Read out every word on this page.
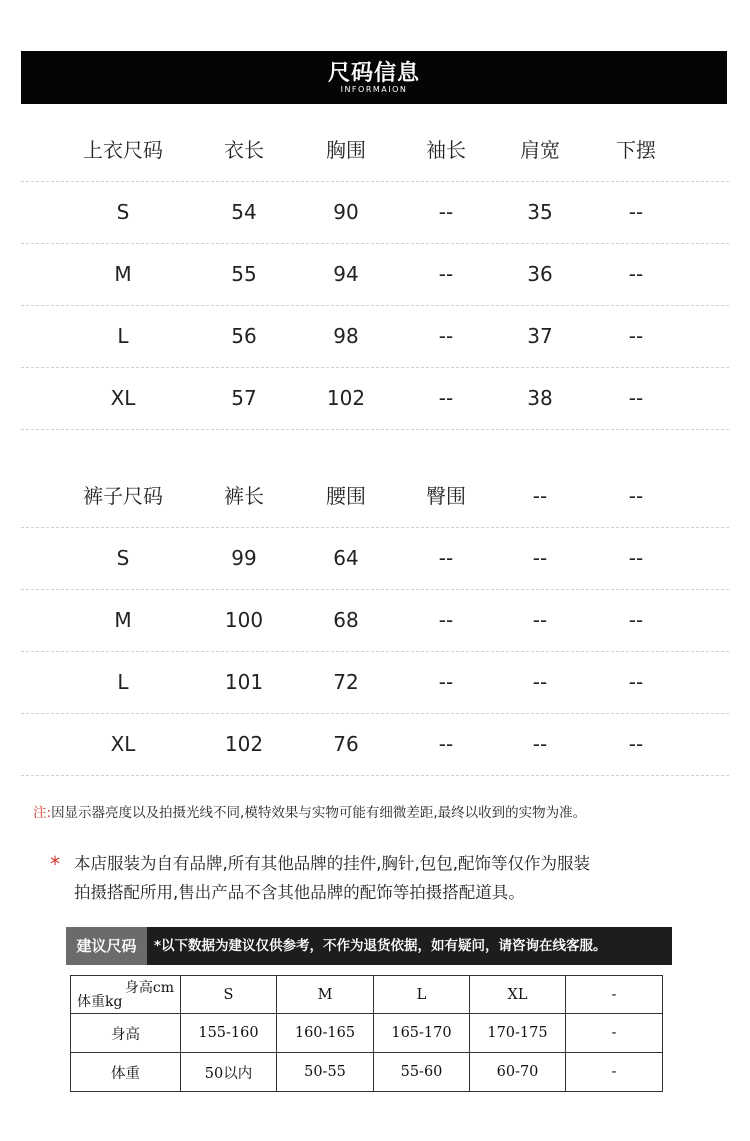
尺码信息
INFORMAION
上衣尺码	衣长	胸围	袖长	肩宽	下摆
S	54	90	--	35	--
M	55	94	--	36	--
L	56	98	--	37	--
XL	57	102	--	38	--
裤子尺码	裤长	腰围	臀围	--	--
S	99	64	--	--	--
M	100	68	--	--	--
L	101	72	--	--	--
XL	102	76	--	--	--
注:因显示器亮度以及拍摄光线不同,模特效果与实物可能有细微差距,最终以收到的实物为准。
* 本店服装为自有品牌,所有其他品牌的挂件,胸针,包包,配饰等仅作为服装
拍摄搭配所用,售出产品不含其他品牌的配饰等拍摄搭配道具。
建议尺码	*以下数据为建议仅供参考，不作为退货依据，如有疑问，请咨询在线客服。
身高cm
体重kg	S	M	L	XL	-
身高	155-160	160-165	165-170	170-175	-
体重	50以内	50-55	55-60	60-70	-
